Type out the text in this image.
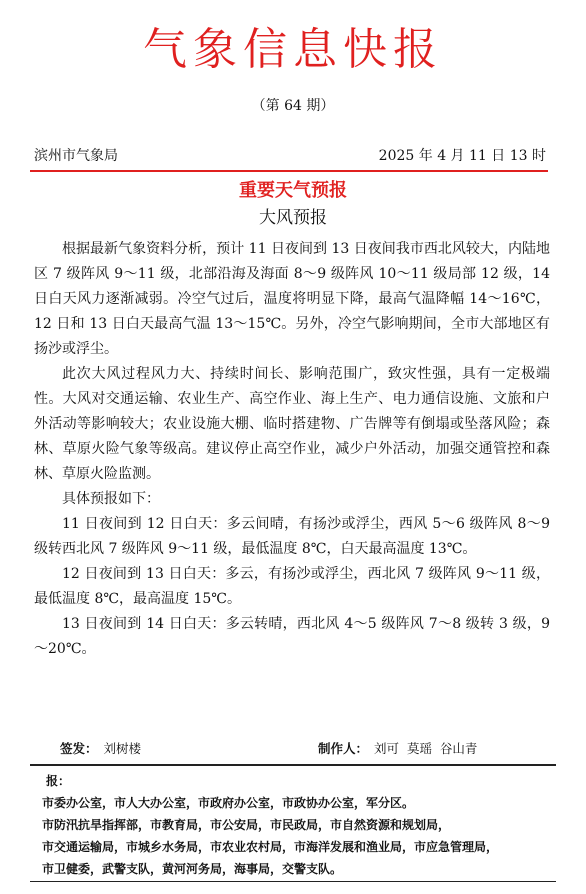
气象信息快报
（第 64 期）
滨州市气象局	2025 年 4 月 11 日 13 时
重要天气预报
大风预报

根据最新气象资料分析，预计 11 日夜间到 13 日夜间我市西北风较大，内陆地区 7 级阵风 9～11 级，北部沿海及海面 8～9 级阵风 10～11 级局部 12 级，14 日白天风力逐渐减弱。冷空气过后，温度将明显下降，最高气温降幅 14～16℃，12 日和 13 日白天最高气温 13～15℃。另外，冷空气影响期间，全市大部地区有扬沙或浮尘。

此次大风过程风力大、持续时间长、影响范围广，致灾性强，具有一定极端性。大风对交通运输、农业生产、高空作业、海上生产、电力通信设施、文旅和户外活动等影响较大；农业设施大棚、临时搭建物、广告牌等有倒塌或坠落风险；森林、草原火险气象等级高。建议停止高空作业，减少户外活动，加强交通管控和森林、草原火险监测。

具体预报如下：

11 日夜间到 12 日白天：多云间晴，有扬沙或浮尘，西风 5～6 级阵风 8～9 级转西北风 7 级阵风 9～11 级，最低温度 8℃，白天最高温度 13℃。

12 日夜间到 13 日白天：多云，有扬沙或浮尘，西北风 7 级阵风 9～11 级，最低温度 8℃，最高温度 15℃。

13 日夜间到 14 日白天：多云转晴，西北风 4～5 级阵风 7～8 级转 3 级，9～20℃。

签发： 刘树楼	制作人： 刘可  莫瑶  谷山青
报：
市委办公室，市人大办公室，市政府办公室，市政协办公室，军分区。
市防汛抗旱指挥部，市教育局，市公安局，市民政局，市自然资源和规划局，
市交通运输局，市城乡水务局，市农业农村局，市海洋发展和渔业局，市应急管理局，
市卫健委，武警支队，黄河河务局，海事局，交警支队。
